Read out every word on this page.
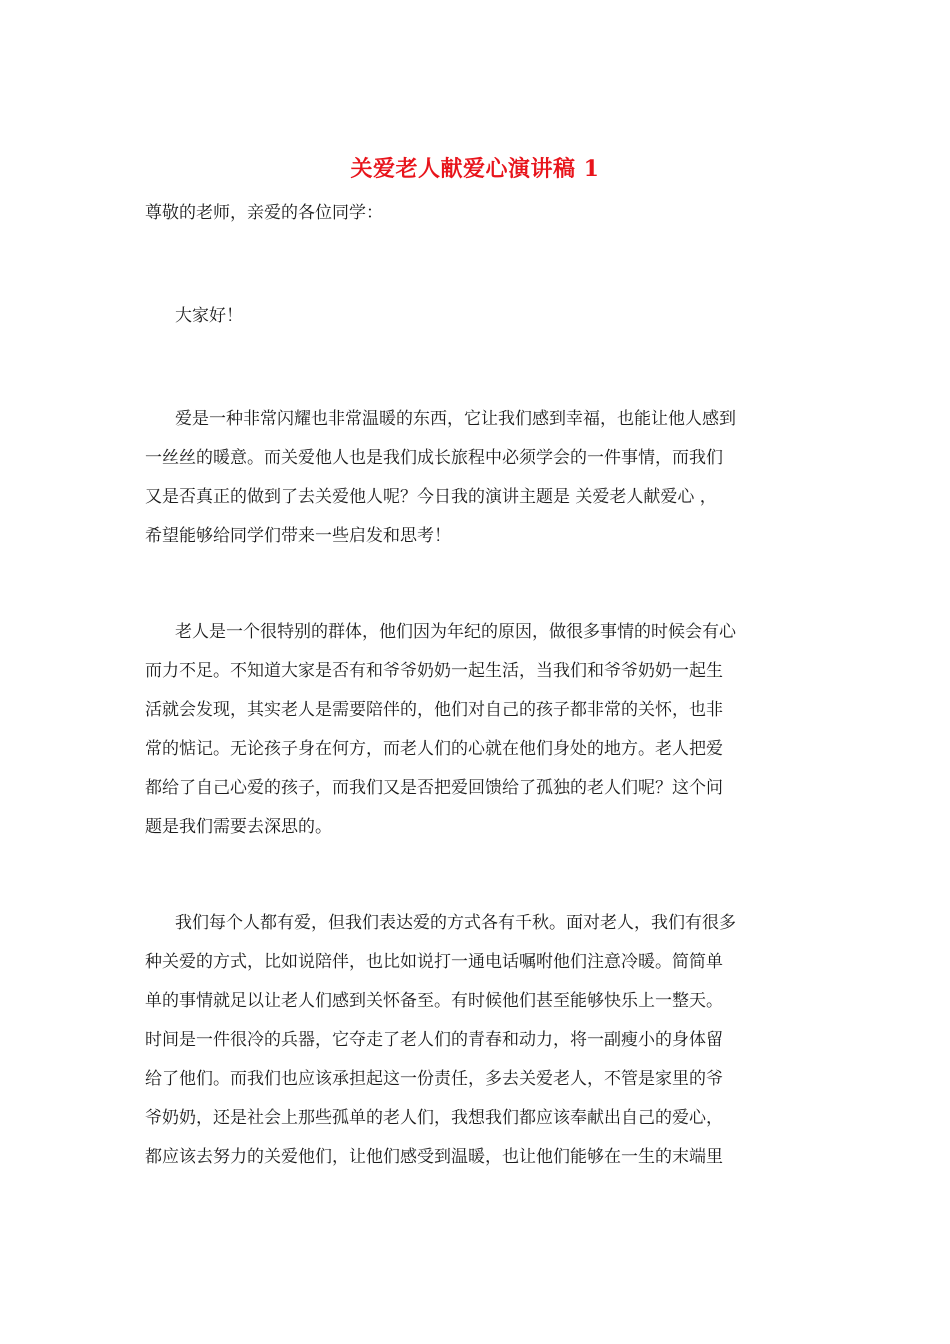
关爱老人献爱心演讲稿 1

尊敬的老师，亲爱的各位同学：

大家好！

爱是一种非常闪耀也非常温暖的东西，它让我们感到幸福，也能让他人感到
一丝丝的暖意。而关爱他人也是我们成长旅程中必须学会的一件事情，而我们
又是否真正的做到了去关爱他人呢？今日我的演讲主题是 关爱老人献爱心 ，
希望能够给同学们带来一些启发和思考！
老人是一个很特别的群体，他们因为年纪的原因，做很多事情的时候会有心
而力不足。不知道大家是否有和爷爷奶奶一起生活，当我们和爷爷奶奶一起生
活就会发现，其实老人是需要陪伴的，他们对自己的孩子都非常的关怀，也非
常的惦记。无论孩子身在何方，而老人们的心就在他们身处的地方。老人把爱
都给了自己心爱的孩子，而我们又是否把爱回馈给了孤独的老人们呢？这个问
题是我们需要去深思的。
我们每个人都有爱，但我们表达爱的方式各有千秋。面对老人，我们有很多
种关爱的方式，比如说陪伴，也比如说打一通电话嘱咐他们注意冷暖。简简单
单的事情就足以让老人们感到关怀备至。有时候他们甚至能够快乐上一整天。
时间是一件很冷的兵器，它夺走了老人们的青春和动力，将一副瘦小的身体留
给了他们。而我们也应该承担起这一份责任，多去关爱老人，不管是家里的爷
爷奶奶，还是社会上那些孤单的老人们，我想我们都应该奉献出自己的爱心，
都应该去努力的关爱他们，让他们感受到温暖，也让他们能够在一生的末端里
